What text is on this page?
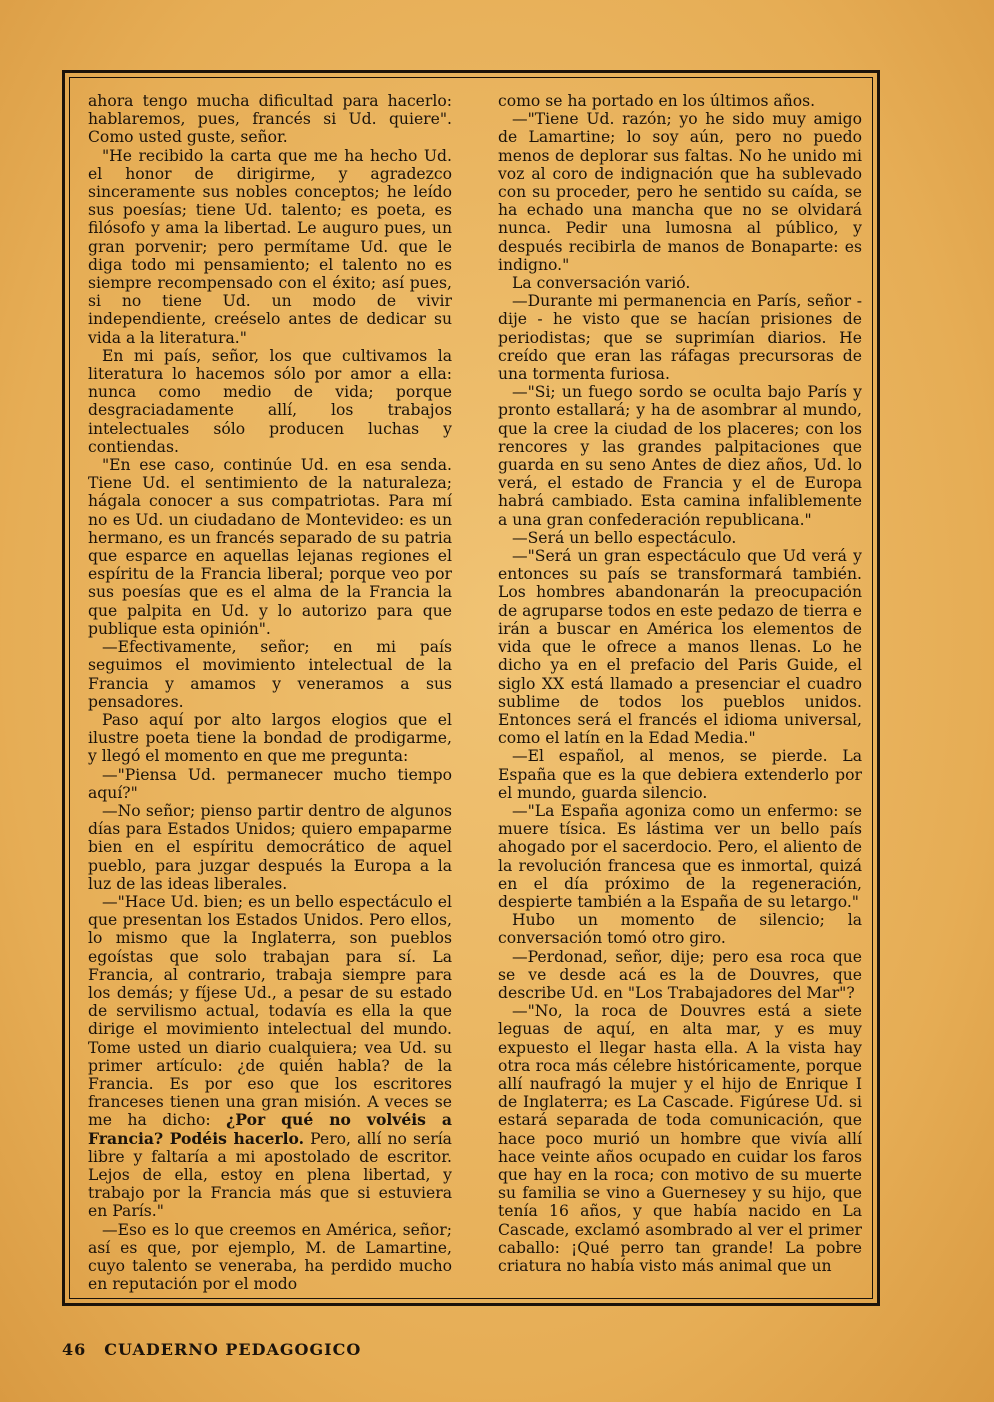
ahora tengo mucha dificultad para hacerlo: hablaremos, pues, francés si Ud. quiere". Como usted guste, señor.

"He recibido la carta que me ha hecho Ud. el honor de dirigirme, y agradezco sinceramente sus nobles conceptos; he leído sus poesías; tiene Ud. talento; es poeta, es filósofo y ama la libertad. Le auguro pues, un gran porvenir; pero permítame Ud. que le diga todo mi pensamiento; el talento no es siempre recompensado con el éxito; así pues, si no tiene Ud. un modo de vivir independiente, creéselo antes de dedicar su vida a la literatura."

En mi país, señor, los que cultivamos la literatura lo hacemos sólo por amor a ella: nunca como medio de vida; porque desgraciadamente allí, los trabajos intelectuales sólo producen luchas y contiendas.

"En ese caso, continúe Ud. en esa senda. Tiene Ud. el sentimiento de la naturaleza; hágala conocer a sus compatriotas. Para mí no es Ud. un ciudadano de Montevideo: es un hermano, es un francés separado de su patria que esparce en aquellas lejanas regiones el espíritu de la Francia liberal; porque veo por sus poesías que es el alma de la Francia la que palpita en Ud. y lo autorizo para que publique esta opinión".

—Efectivamente, señor; en mi país seguimos el movimiento intelectual de la Francia y amamos y veneramos a sus pensadores.

Paso aquí por alto largos elogios que el ilustre poeta tiene la bondad de prodigarme, y llegó el momento en que me pregunta:

—"Piensa Ud. permanecer mucho tiempo aquí?"

—No señor; pienso partir dentro de algunos días para Estados Unidos; quiero empaparme bien en el espíritu democrático de aquel pueblo, para juzgar después la Europa a la luz de las ideas liberales.

—"Hace Ud. bien; es un bello espectáculo el que presentan los Estados Unidos. Pero ellos, lo mismo que la Inglaterra, son pueblos egoístas que solo trabajan para sí. La Francia, al contrario, trabaja siempre para los demás; y fíjese Ud., a pesar de su estado de servilismo actual, todavía es ella la que dirige el movimiento intelectual del mundo. Tome usted un diario cualquiera; vea Ud. su primer artículo: ¿de quién habla? de la Francia. Es por eso que los escritores franceses tienen una gran misión. A veces se me ha dicho: ¿Por qué no volvéis a Francia? Podéis hacerlo. Pero, allí no sería libre y faltaría a mi apostolado de escritor. Lejos de ella, estoy en plena libertad, y trabajo por la Francia más que si estuviera en París."

—Eso es lo que creemos en América, señor; así es que, por ejemplo, M. de Lamartine, cuyo talento se veneraba, ha perdido mucho en reputación por el modo

como se ha portado en los últimos años.

—"Tiene Ud. razón; yo he sido muy amigo de Lamartine; lo soy aún, pero no puedo menos de deplorar sus faltas. No he unido mi voz al coro de indignación que ha sublevado con su proceder, pero he sentido su caída, se ha echado una mancha que no se olvidará nunca. Pedir una lumosna al público, y después recibirla de manos de Bonaparte: es indigno."

La conversación varió.

—Durante mi permanencia en París, señor - dije - he visto que se hacían prisiones de periodistas; que se suprimían diarios. He creído que eran las ráfagas precursoras de una tormenta furiosa.

—"Si; un fuego sordo se oculta bajo París y pronto estallará; y ha de asombrar al mundo, que la cree la ciudad de los placeres; con los rencores y las grandes palpitaciones que guarda en su seno Antes de diez años, Ud. lo verá, el estado de Francia y el de Europa habrá cambiado. Esta camina infaliblemente a una gran confederación republicana."

—Será un bello espectáculo.

—"Será un gran espectáculo que Ud verá y entonces su país se transformará también. Los hombres abandonarán la preocupación de agruparse todos en este pedazo de tierra e irán a buscar en América los elementos de vida que le ofrece a manos llenas. Lo he dicho ya en el prefacio del Paris Guide, el siglo XX está llamado a presenciar el cuadro sublime de todos los pueblos unidos. Entonces será el francés el idioma universal, como el latín en la Edad Media."

—El español, al menos, se pierde. La España que es la que debiera extenderlo por el mundo, guarda silencio.

—"La España agoniza como un enfermo: se muere tísica. Es lástima ver un bello país ahogado por el sacerdocio. Pero, el aliento de la revolución francesa que es inmortal, quizá en el día próximo de la regeneración, despierte también a la España de su letargo."

Hubo un momento de silencio; la conversación tomó otro giro.

—Perdonad, señor, dije; pero esa roca que se ve desde acá es la de Douvres, que describe Ud. en "Los Trabajadores del Mar"?

—"No, la roca de Douvres está a siete leguas de aquí, en alta mar, y es muy expuesto el llegar hasta ella. A la vista hay otra roca más célebre históricamente, porque allí naufragó la mujer y el hijo de Enrique I de Inglaterra; es La Cascade. Figúrese Ud. si estará separada de toda comunicación, que hace poco murió un hombre que vivía allí hace veinte años ocupado en cuidar los faros que hay en la roca; con motivo de su muerte su familia se vino a Guernesey y su hijo, que tenía 16 años, y que había nacido en La Cascade, exclamó asombrado al ver el primer caballo: ¡Qué perro tan grande! La pobre criatura no había visto más animal que un

46 CUADERNO PEDAGOGICO
